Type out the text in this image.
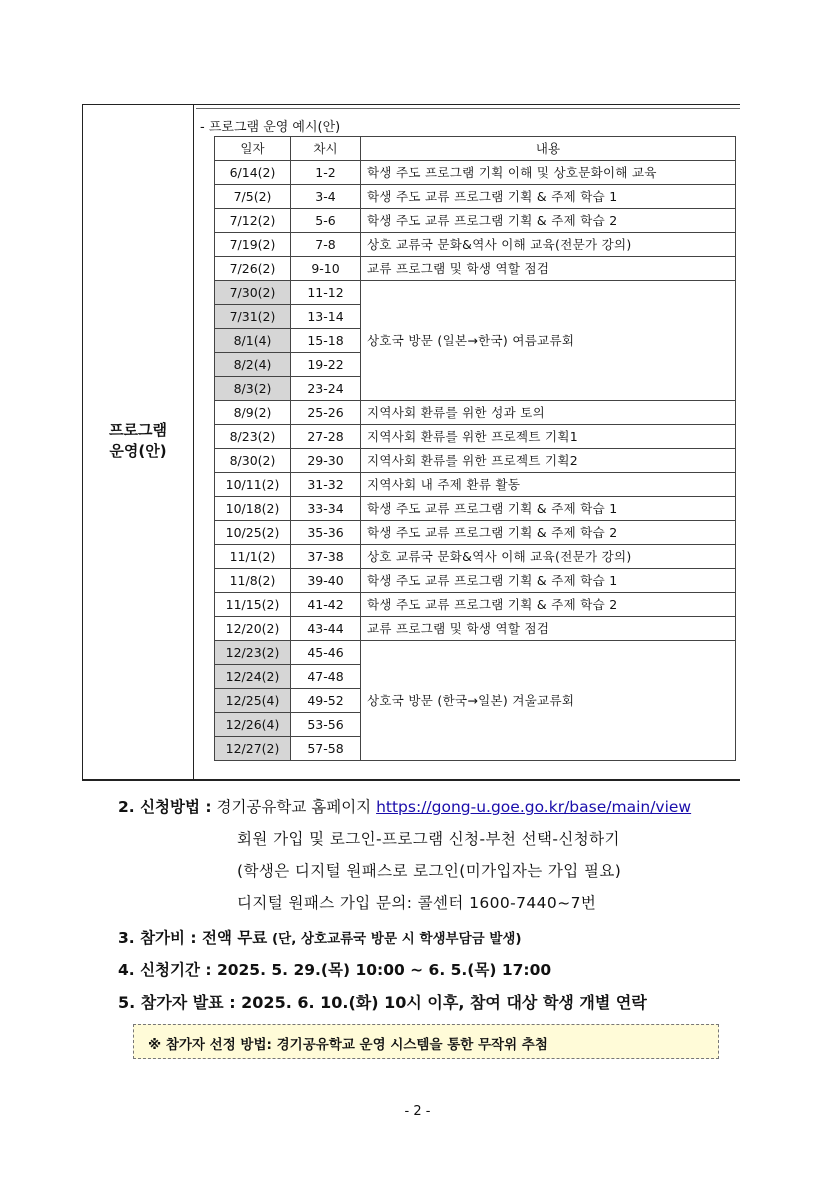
프로그램
운영(안)
- 프로그램 운영 예시(안)
일자	차시	내용
6/14(2)	1-2	학생 주도 프로그램 기획 이해 및 상호문화이해 교육
7/5(2)	3-4	학생 주도 교류 프로그램 기획 & 주제 학습 1
7/12(2)	5-6	학생 주도 교류 프로그램 기획 & 주제 학습 2
7/19(2)	7-8	상호 교류국 문화&역사 이해 교육(전문가 강의)
7/26(2)	9-10	교류 프로그램 및 학생 역할 점검
7/30(2)	11-12	상호국 방문 (일본→한국) 여름교류회
7/31(2)	13-14	
8/1(4)	15-18	
8/2(4)	19-22	
8/3(2)	23-24	
8/9(2)	25-26	지역사회 환류를 위한 성과 토의
8/23(2)	27-28	지역사회 환류를 위한 프로젝트 기획1
8/30(2)	29-30	지역사회 환류를 위한 프로젝트 기획2
10/11(2)	31-32	지역사회 내 주제 환류 활동
10/18(2)	33-34	학생 주도 교류 프로그램 기획 & 주제 학습 1
10/25(2)	35-36	학생 주도 교류 프로그램 기획 & 주제 학습 2
11/1(2)	37-38	상호 교류국 문화&역사 이해 교육(전문가 강의)
11/8(2)	39-40	학생 주도 교류 프로그램 기획 & 주제 학습 1
11/15(2)	41-42	학생 주도 교류 프로그램 기획 & 주제 학습 2
12/20(2)	43-44	교류 프로그램 및 학생 역할 점검
12/23(2)	45-46	상호국 방문 (한국→일본) 겨울교류회
12/24(2)	47-48	
12/25(4)	49-52	
12/26(4)	53-56	
12/27(2)	57-58	
2. 신청방법 : 경기공유학교 홈페이지 https://gong-u.goe.go.kr/base/main/view
회원 가입 및 로그인-프로그램 신청-부천 선택-신청하기
(학생은 디지털 원패스로 로그인(미가입자는 가입 필요)
디지털 원패스 가입 문의: 콜센터 1600-7440~7번
3. 참가비 : 전액 무료 (단, 상호교류국 방문 시 학생부담금 발생)
4. 신청기간 : 2025. 5. 29.(목) 10:00 ~ 6. 5.(목) 17:00
5. 참가자 발표 : 2025. 6. 10.(화) 10시 이후, 참여 대상 학생 개별 연락
※ 참가자 선정 방법: 경기공유학교 운영 시스템을 통한 무작위 추첨
- 2 -
